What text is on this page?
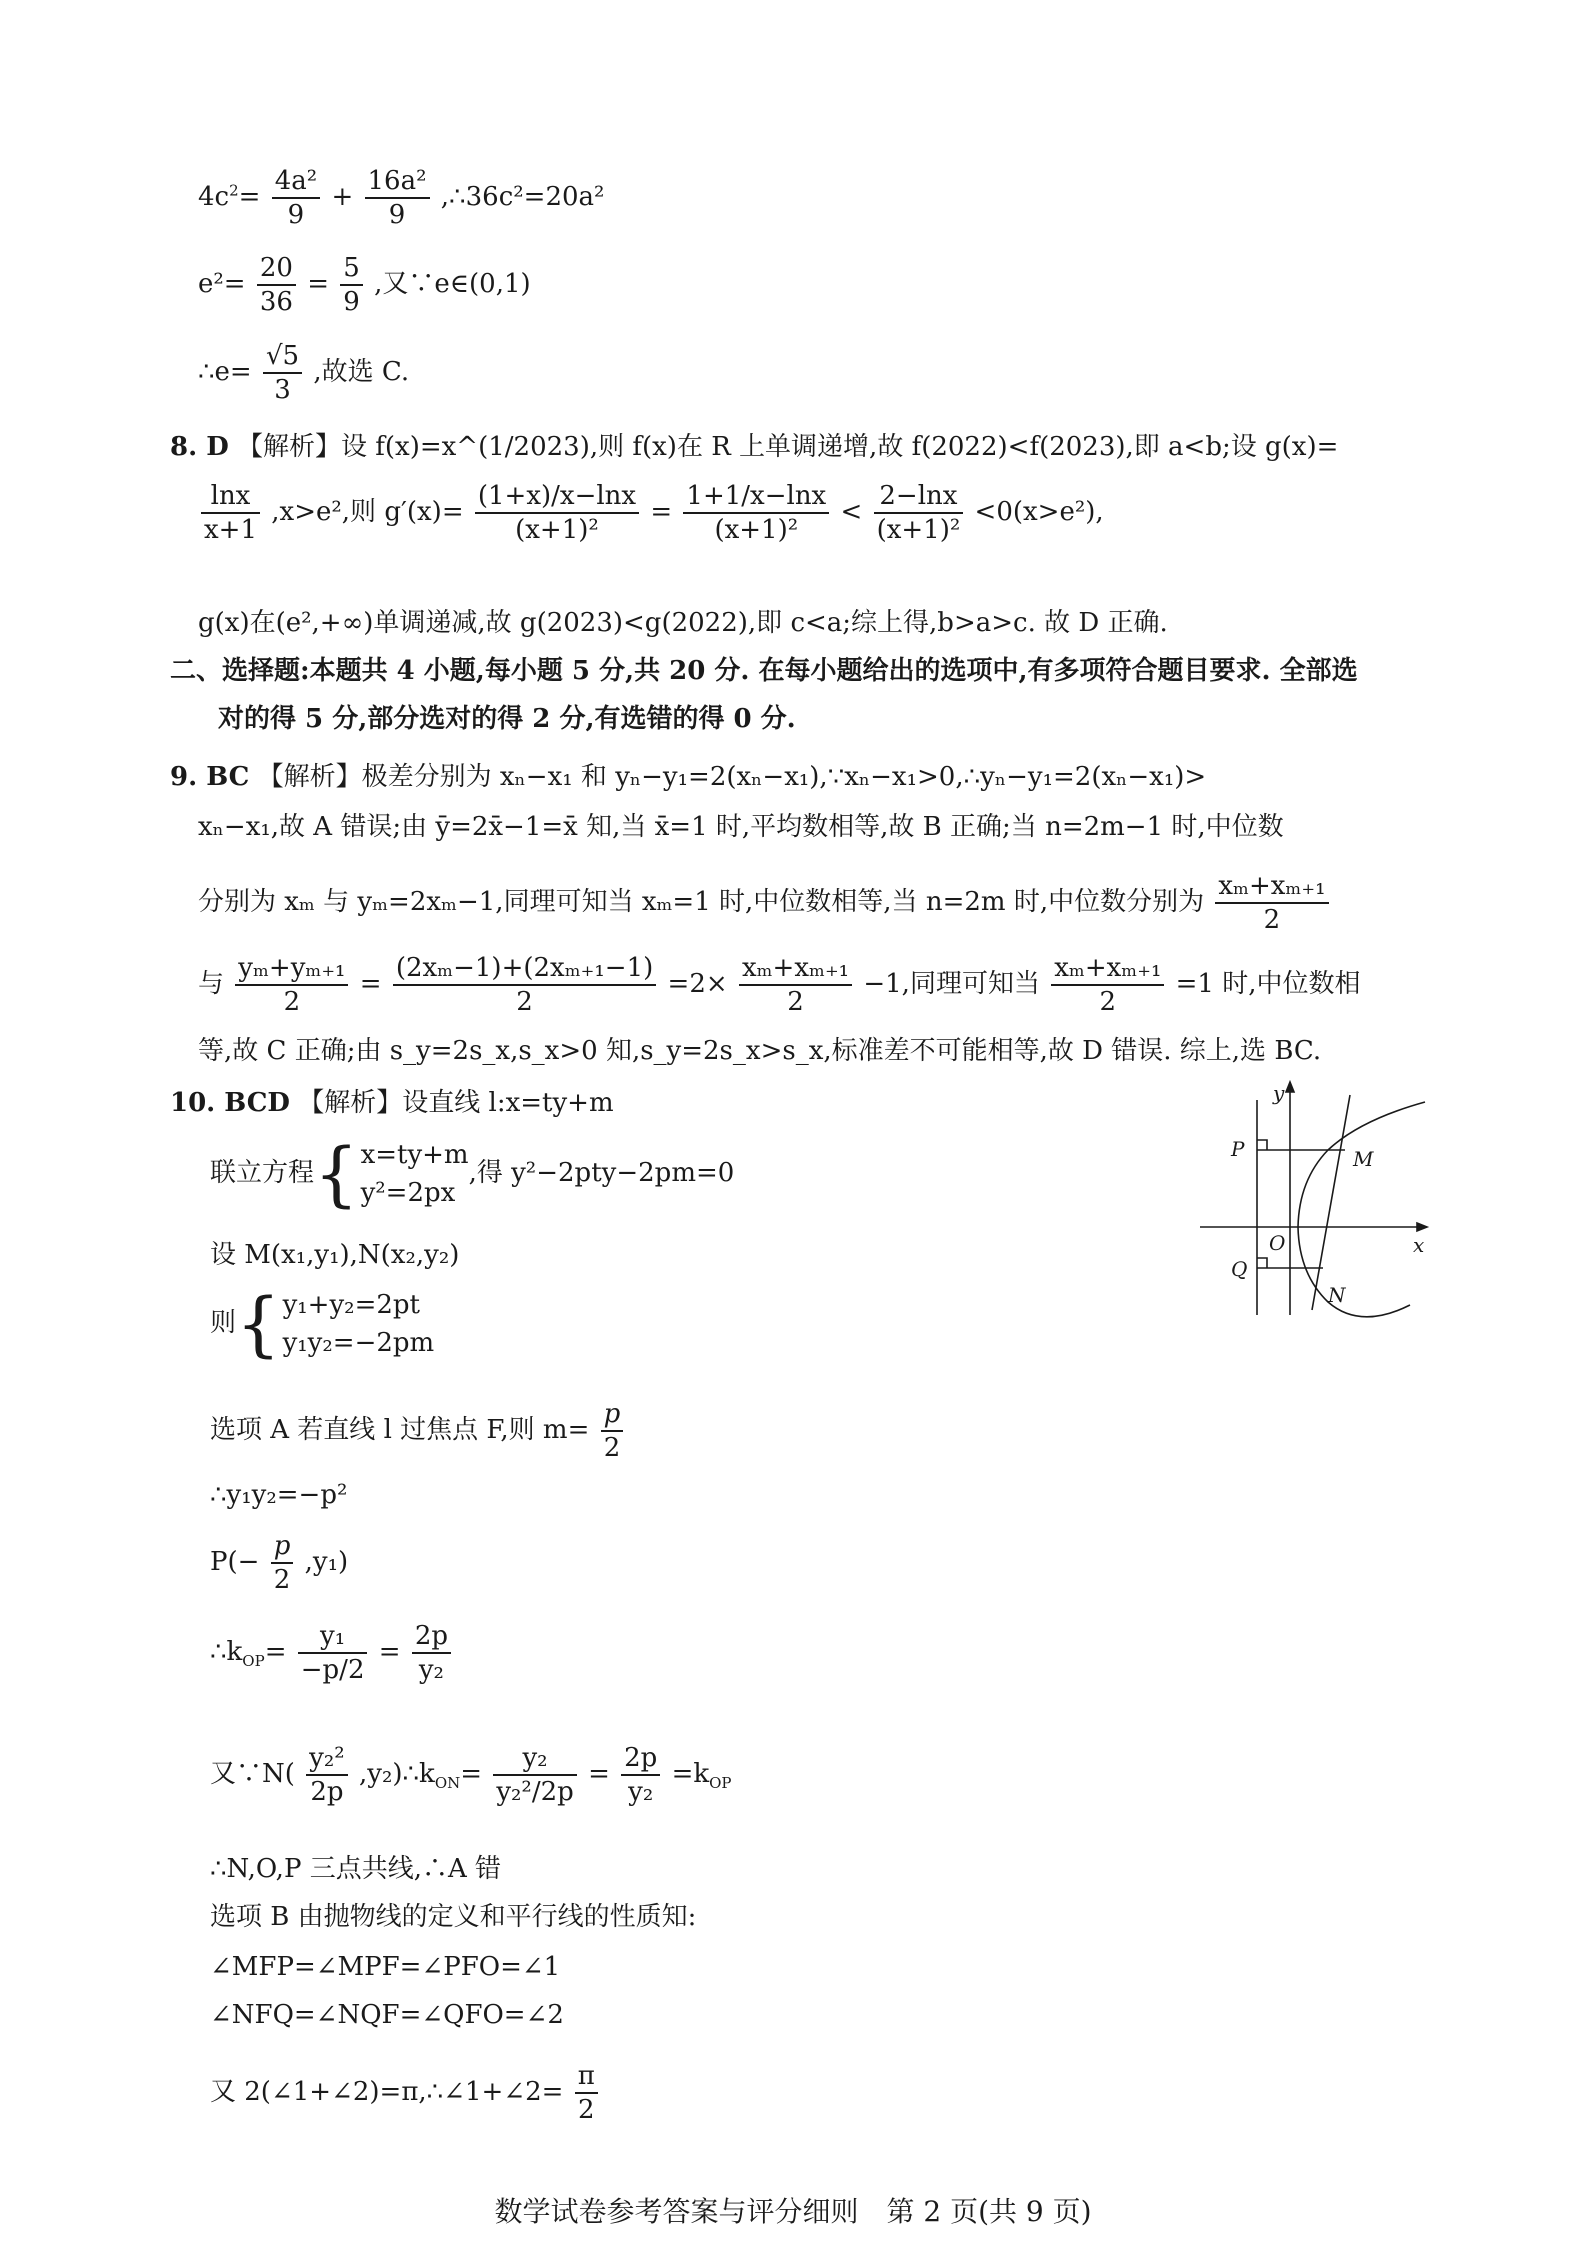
$4c^2= \frac{\text{4a²}}{9} + \frac{\text{16a²}}{9}$ ,∴36c²=20a²
$e^2= \frac{20}{36} = \frac{5}{9}$ ,又∵e∈(0,1)
∴e= $\frac{√5}{3}$ ,故选 C.
8. D 【解析】设 f(x)=x^(1/2023),则 f(x)在 R 上单调递增,故 f(2022)<f(2023),即 a<b;设 g(x)=
$\frac{\ln x}{x+1} ,x>e^2$,则 $g'(x)= \frac{(1+x)/x-\ln x}{\text{(x+1)²}} = \frac{1+1/x-\ln x}{\text{(x+1)²}} < \frac{2-\ln x}{\text{(x+1)²}} <0(x>e^2)$,
g(x)在(e²,+∞)单调递减,故 g(2023)<g(2022),即 c<a;综上得,b>a>c. 故 D 正确.
二、选择题:本题共 4 小题,每小题 5 分,共 20 分. 在每小题给出的选项中,有多项符合题目要求. 全部选
对的得 5 分,部分选对的得 2 分,有选错的得 0 分.
9. BC 【解析】极差分别为 xₙ−x₁ 和 yₙ−y₁=2(xₙ−x₁),∵xₙ−x₁>0,∴yₙ−y₁=2(xₙ−x₁)>
xₙ−x₁,故 A 错误;由 ȳ=2x̄−1=x̄ 知,当 x̄=1 时,平均数相等,故 B 正确;当 n=2m−1 时,中位数
分别为 xₘ 与 yₘ=2xₘ−1,同理可知当 xₘ=1 时,中位数相等,当 n=2m 时,中位数分别为 $\frac{\text{xₘ+xₘ₊₁}}{2}$
与 $\frac{\text{yₘ+yₘ₊₁}}{2} = \frac{\text{(2xₘ−1)+(2xₘ₊₁−1)}}{2} =2\times \frac{\text{xₘ+xₘ₊₁}}{2} -1$,同理可知当 $\frac{\text{xₘ+xₘ₊₁}}{2} =1$ 时,中位数相
等,故 C 正确;由 s_y=2s_x,s_x>0 知,s_y=2s_x>s_x,标准差不可能相等,故 D 错误. 综上,选 BC.
10. BCD 【解析】设直线 l:x=ty+m
联立方程{ x=ty+m
y²=2px
,得 y²−2pty−2pm=0
设 M(x₁,y₁),N(x₂,y₂)
则{ y₁+y₂=2pt
y₁y₂=−2pm
选项 A 若直线 l 过焦点 F,则 $m= \frac{p}{2}$
∴y₁y₂=−p²
$P(- \frac{p}{2} ,y_1)$
$\therefore k_{OP}= \frac{\text{y₁}}{-p/2} = \frac{2p}{\text{y₂}}$
又∵N( $\frac{\text{y₂²}}{2p}$ $,y_2)\therefore k_{ON}= \frac{\text{y₂}}{\text{y₂²/2p}} = \frac{2p}{\text{y₂}} =k_{OP}$
∴N,O,P 三点共线,∴A 错
选项 B 由抛物线的定义和平行线的性质知:
∠MFP=∠MPF=∠PFO=∠1
∠NFQ=∠NQF=∠QFO=∠2
又 2(∠1+∠2)=π,∴∠1+∠2= $\frac{\pi}{2}$
y
x
P	M
O
Q
N
数学试卷参考答案与评分细则　第 2 页(共 9 页)
